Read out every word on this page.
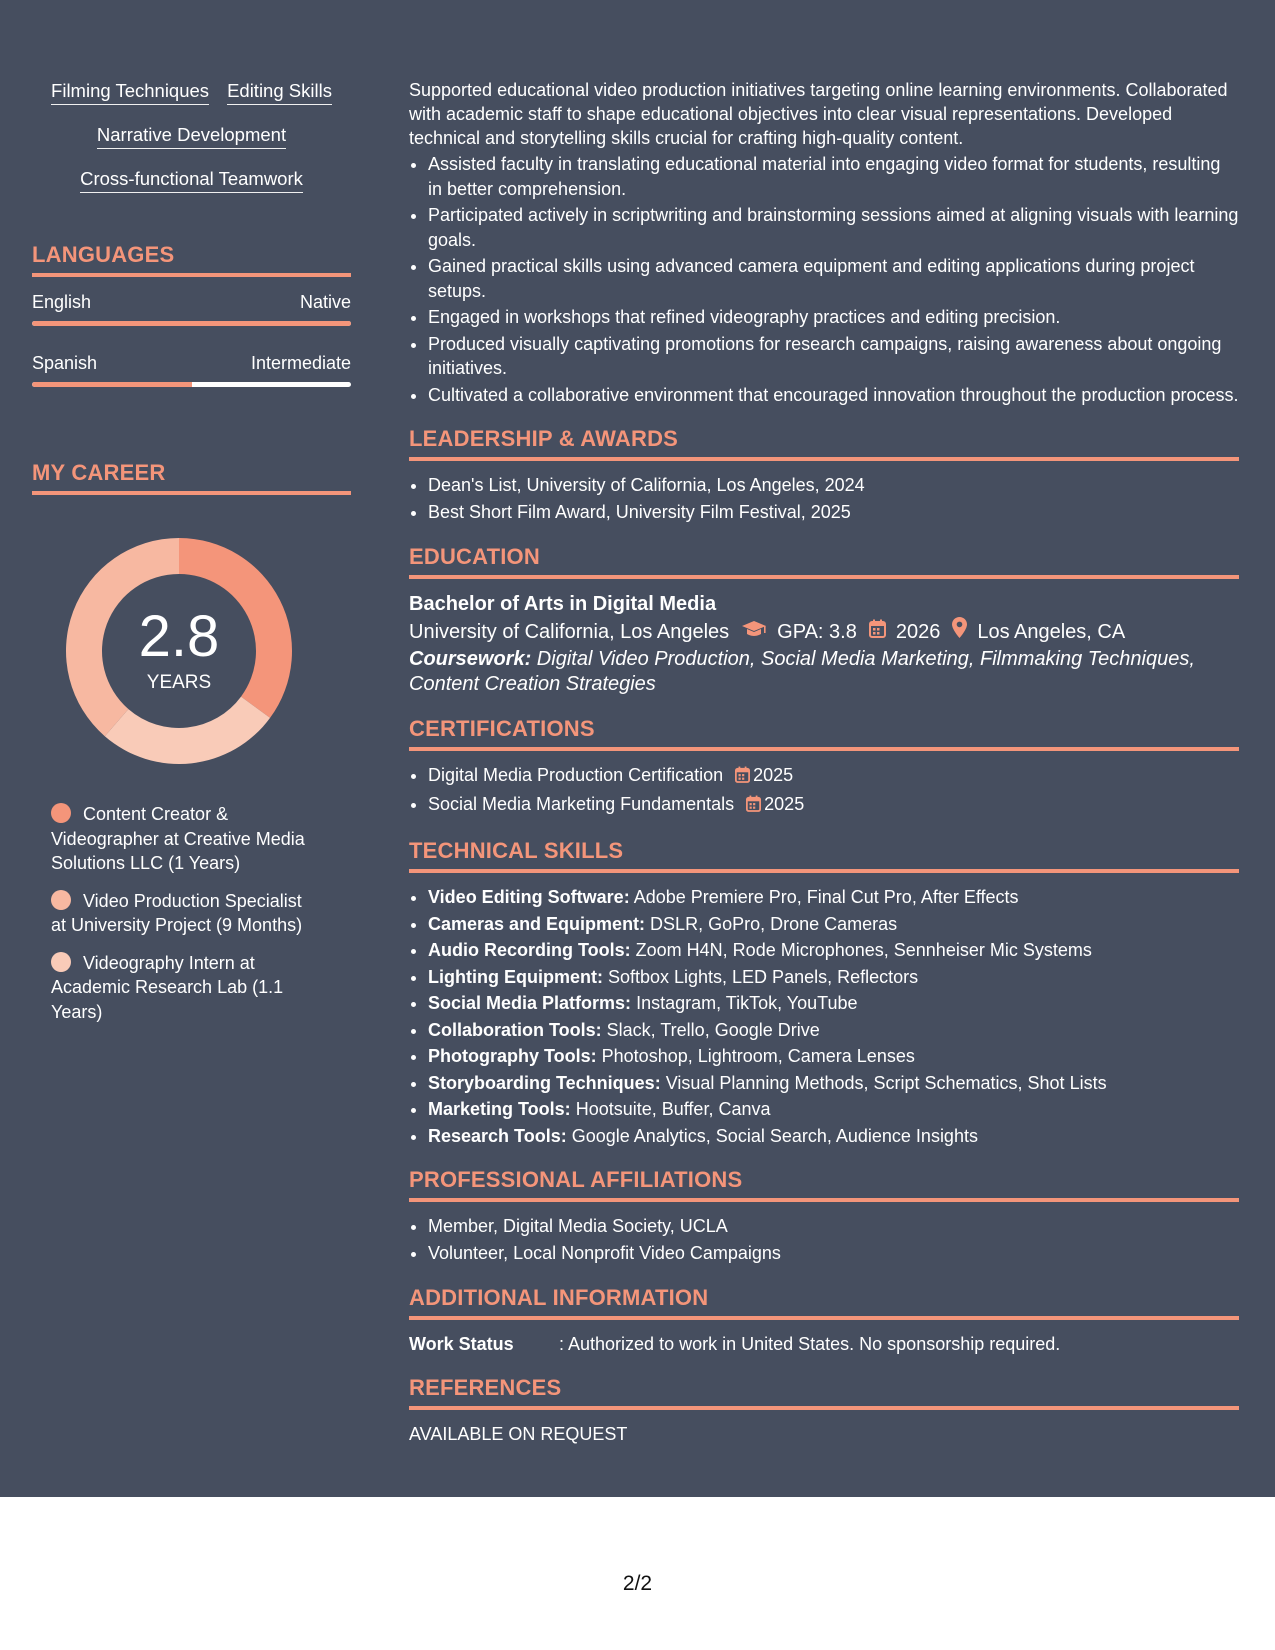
Filming Techniques Editing Skills
Narrative Development
Cross-functional Teamwork
LANGUAGES
English	Native
Spanish	Intermediate
MY CAREER
2.8
YEARS
Content Creator & Videographer at Creative Media Solutions LLC (1 Years)
Video Production Specialist at University Project (9 Months)
Videography Intern at Academic Research Lab (1.1 Years)
Supported educational video production initiatives targeting online learning environments. Collaborated with academic staff to shape educational objectives into clear visual representations. Developed technical and storytelling skills crucial for crafting high-quality content.
• Assisted faculty in translating educational material into engaging video format for students, resulting in better comprehension.
• Participated actively in scriptwriting and brainstorming sessions aimed at aligning visuals with learning goals.
• Gained practical skills using advanced camera equipment and editing applications during project setups.
• Engaged in workshops that refined videography practices and editing precision.
• Produced visually captivating promotions for research campaigns, raising awareness about ongoing initiatives.
• Cultivated a collaborative environment that encouraged innovation throughout the production process.
LEADERSHIP & AWARDS
• Dean's List, University of California, Los Angeles, 2024
• Best Short Film Award, University Film Festival, 2025
EDUCATION
Bachelor of Arts in Digital Media
University of California, Los Angeles GPA: 3.8 2026 Los Angeles, CA
Coursework: Digital Video Production, Social Media Marketing, Filmmaking Techniques, Content Creation Strategies
CERTIFICATIONS
• Digital Media Production Certification 2025
• Social Media Marketing Fundamentals 2025
TECHNICAL SKILLS
• Video Editing Software: Adobe Premiere Pro, Final Cut Pro, After Effects
• Cameras and Equipment: DSLR, GoPro, Drone Cameras
• Audio Recording Tools: Zoom H4N, Rode Microphones, Sennheiser Mic Systems
• Lighting Equipment: Softbox Lights, LED Panels, Reflectors
• Social Media Platforms: Instagram, TikTok, YouTube
• Collaboration Tools: Slack, Trello, Google Drive
• Photography Tools: Photoshop, Lightroom, Camera Lenses
• Storyboarding Techniques: Visual Planning Methods, Script Schematics, Shot Lists
• Marketing Tools: Hootsuite, Buffer, Canva
• Research Tools: Google Analytics, Social Search, Audience Insights
PROFESSIONAL AFFILIATIONS
• Member, Digital Media Society, UCLA
• Volunteer, Local Nonprofit Video Campaigns
ADDITIONAL INFORMATION
Work Status	: Authorized to work in United States. No sponsorship required.
REFERENCES
AVAILABLE ON REQUEST
2/2
